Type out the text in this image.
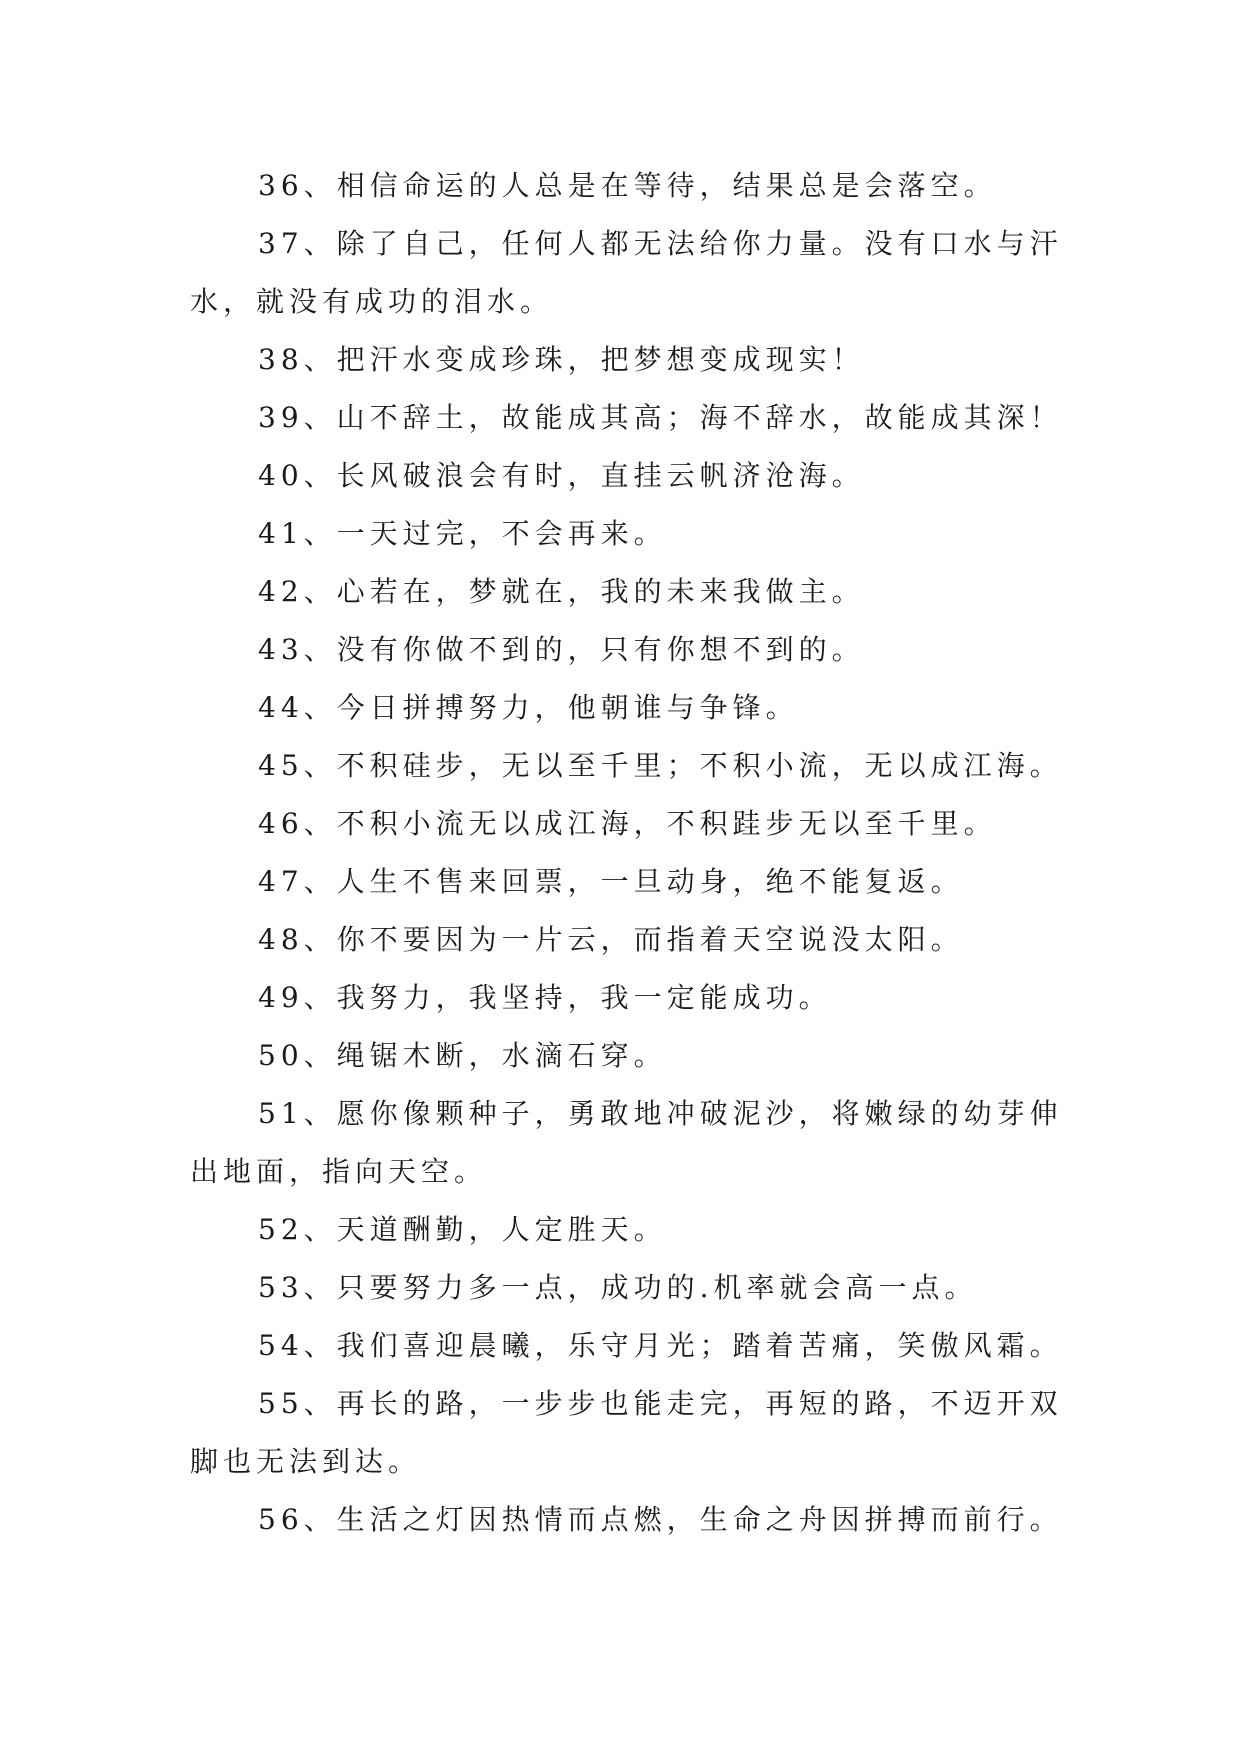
36、相信命运的人总是在等待，结果总是会落空。
37、除了自己，任何人都无法给你力量。没有口水与汗
水，就没有成功的泪水。
38、把汗水变成珍珠，把梦想变成现实！
39、山不辞土，故能成其高；海不辞水，故能成其深！
40、长风破浪会有时，直挂云帆济沧海。
41、一天过完，不会再来。
42、心若在，梦就在，我的未来我做主。
43、没有你做不到的，只有你想不到的。
44、今日拼搏努力，他朝谁与争锋。
45、不积硅步，无以至千里；不积小流，无以成江海。
46、不积小流无以成江海，不积跬步无以至千里。
47、人生不售来回票，一旦动身，绝不能复返。
48、你不要因为一片云，而指着天空说没太阳。
49、我努力，我坚持，我一定能成功。
50、绳锯木断，水滴石穿。
51、愿你像颗种子，勇敢地冲破泥沙，将嫩绿的幼芽伸
出地面，指向天空。
52、天道酬勤，人定胜天。
53、只要努力多一点，成功的.机率就会高一点。
54、我们喜迎晨曦，乐守月光；踏着苦痛，笑傲风霜。
55、再长的路，一步步也能走完，再短的路，不迈开双
脚也无法到达。
56、生活之灯因热情而点燃，生命之舟因拼搏而前行。
